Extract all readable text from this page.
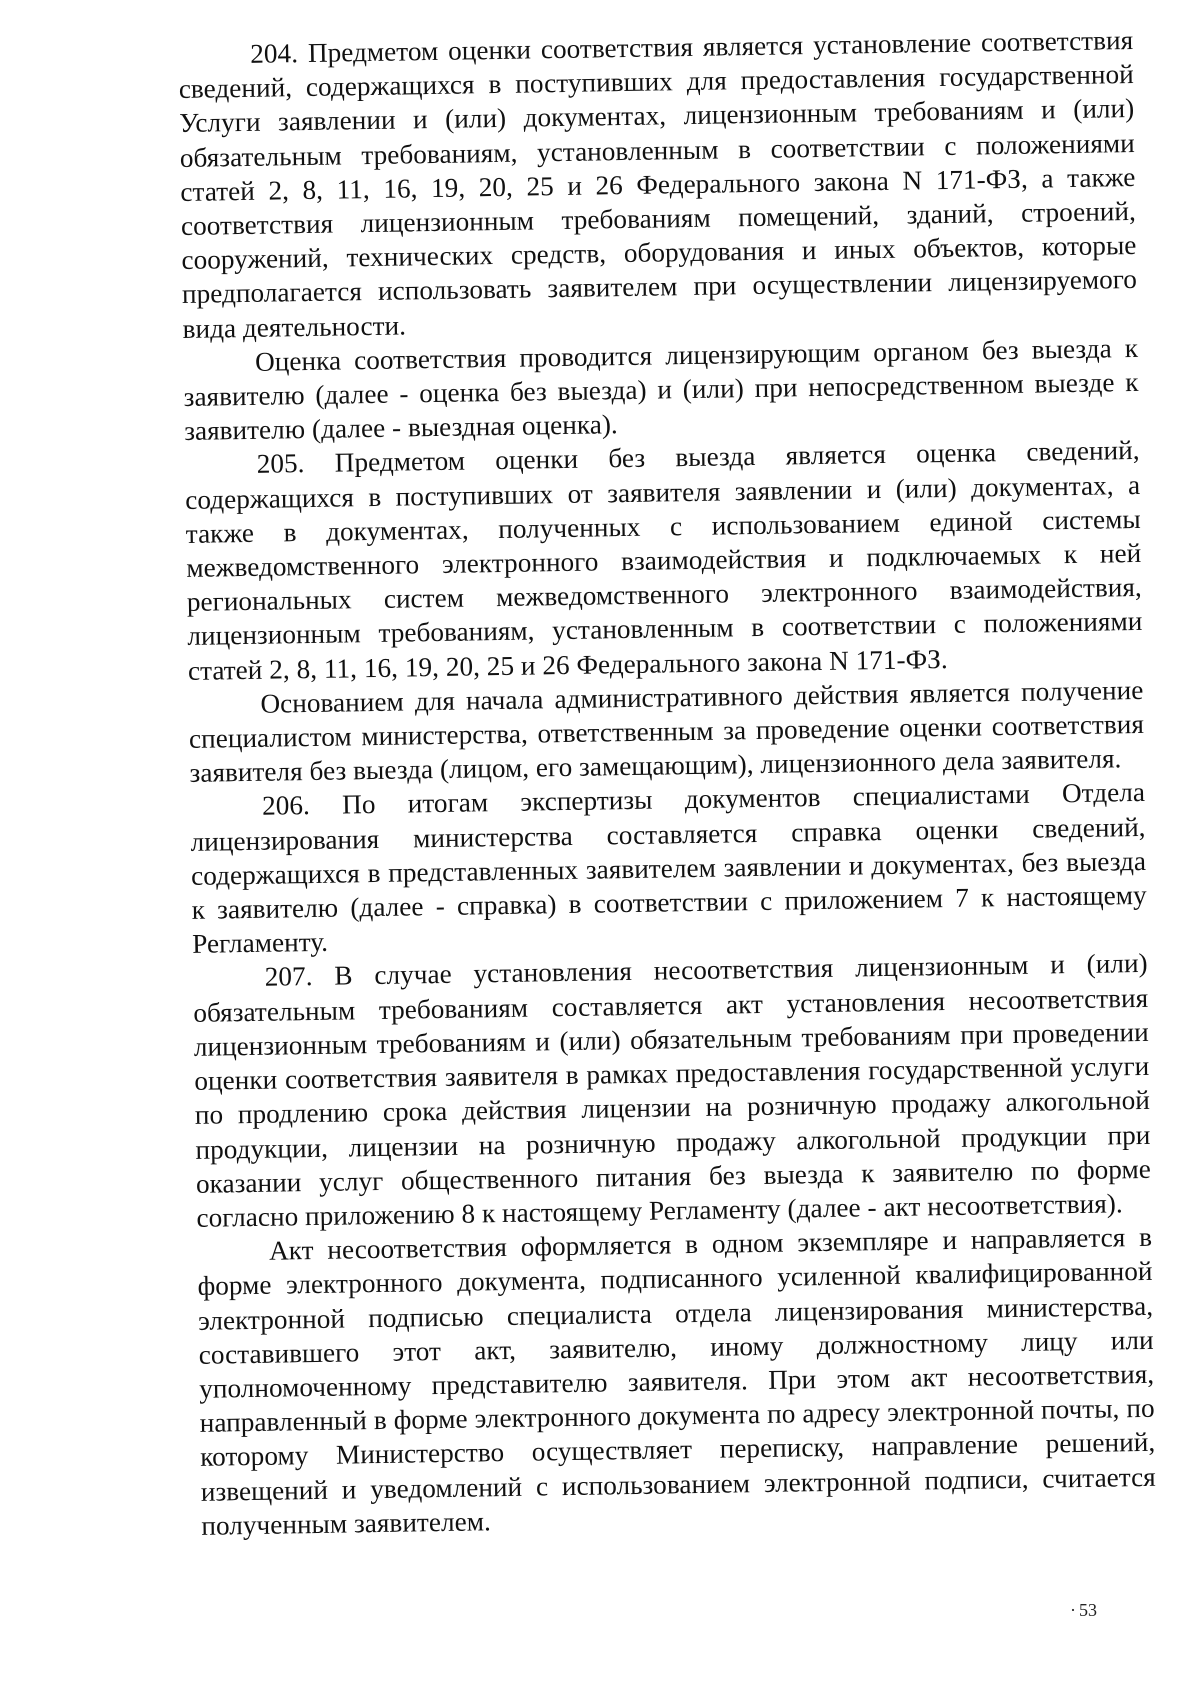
204. Предметом оценки соответствия является установление соответствия сведений, содержащихся в поступивших для предоставления государственной Услуги заявлении и (или) документах, лицензионным требованиям и (или) обязательным требованиям, установленным в соответствии с положениями статей 2, 8, 11, 16, 19, 20, 25 и 26 Федерального закона N 171-ФЗ, а также соответствия лицензионным требованиям помещений, зданий, строений, сооружений, технических средств, оборудования и иных объектов, которые предполагается использовать заявителем при осуществлении лицензируемого вида деятельности.

Оценка соответствия проводится лицензирующим органом без выезда к заявителю (далее - оценка без выезда) и (или) при непосредственном выезде к заявителю (далее - выездная оценка).

205. Предметом оценки без выезда является оценка сведений, содержащихся в поступивших от заявителя заявлении и (или) документах, а также в документах, полученных с использованием единой системы межведомственного электронного взаимодействия и подключаемых к ней региональных систем межведомственного электронного взаимодействия, лицензионным требованиям, установленным в соответствии с положениями статей 2, 8, 11, 16, 19, 20, 25 и 26 Федерального закона N 171-ФЗ.

Основанием для начала административного действия является получение специалистом министерства, ответственным за проведение оценки соответствия заявителя без выезда (лицом, его замещающим), лицензионного дела заявителя.

206. По итогам экспертизы документов специалистами Отдела лицензирования министерства составляется справка оценки сведений, содержащихся в представленных заявителем заявлении и документах, без выезда к заявителю (далее - справка) в соответствии с приложением 7 к настоящему Регламенту.

207. В случае установления несоответствия лицензионным и (или) обязательным требованиям составляется акт установления несоответствия лицензионным требованиям и (или) обязательным требованиям при проведении оценки соответствия заявителя в рамках предоставления государственной услуги по продлению срока действия лицензии на розничную продажу алкогольной продукции, лицензии на розничную продажу алкогольной продукции при оказании услуг общественного питания без выезда к заявителю по форме согласно приложению 8 к настоящему Регламенту (далее - акт несоответствия).

Акт несоответствия оформляется в одном экземпляре и направляется в форме электронного документа, подписанного усиленной квалифицированной электронной подписью специалиста отдела лицензирования министерства, составившего этот акт, заявителю, иному должностному лицу или уполномоченному представителю заявителя. При этом акт несоответствия, направленный в форме электронного документа по адресу электронной почты, по которому Министерство осуществляет переписку, направление решений, извещений и уведомлений с использованием электронной подписи, считается полученным заявителем.

· 53
